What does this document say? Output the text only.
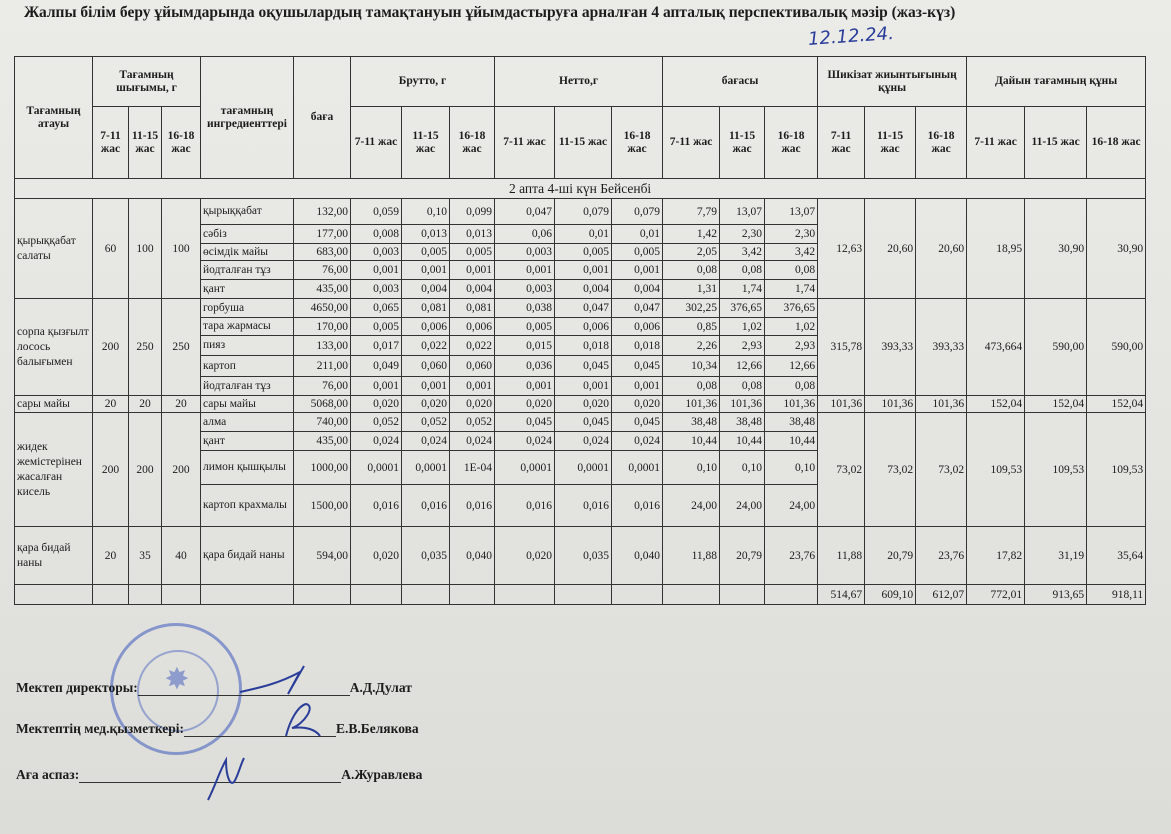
Жалпы білім беру ұйымдарында оқушылардың тамақтануын ұйымдастыруға арналған 4 апталық перспективалық мәзір (жаз-күз)
12.12.24.
Тағамның атауы	Тағамның шығымы, г			тағамның ингредиенттері	баға	Брутто, г			Нетто,г			бағасы			Шикізат жиынтығының құны			Дайын тағамның құны		
	7-11 жас	11-15 жас	16-18 жас			7-11 жас	11-15 жас	16-18 жас	7-11 жас	11-15 жас	16-18 жас	7-11 жас	11-15 жас	16-18 жас	7-11 жас	11-15 жас	16-18 жас	7-11 жас	11-15 жас	16-18 жас
2 апта 4-ші күн Бейсенбі																				
қырыққабат салаты	60	100	100	қырыққабат	132,00	0,059	0,10	0,099	0,047	0,079	0,079	7,79	13,07	13,07	12,63	20,60	20,60	18,95	30,90	30,90
				сәбіз	177,00	0,008	0,013	0,013	0,06	0,01	0,01	1,42	2,30	2,30						
				өсімдік майы	683,00	0,003	0,005	0,005	0,003	0,005	0,005	2,05	3,42	3,42						
				йодталған тұз	76,00	0,001	0,001	0,001	0,001	0,001	0,001	0,08	0,08	0,08						
				қант	435,00	0,003	0,004	0,004	0,003	0,004	0,004	1,31	1,74	1,74						
сорпа қызғылт лосось балығымен	200	250	250	горбуша	4650,00	0,065	0,081	0,081	0,038	0,047	0,047	302,25	376,65	376,65	315,78	393,33	393,33	473,664	590,00	590,00
				тара жармасы	170,00	0,005	0,006	0,006	0,005	0,006	0,006	0,85	1,02	1,02						
				пияз	133,00	0,017	0,022	0,022	0,015	0,018	0,018	2,26	2,93	2,93						
				картоп	211,00	0,049	0,060	0,060	0,036	0,045	0,045	10,34	12,66	12,66						
				йодталған тұз	76,00	0,001	0,001	0,001	0,001	0,001	0,001	0,08	0,08	0,08						
сары майы	20	20	20	сары майы	5068,00	0,020	0,020	0,020	0,020	0,020	0,020	101,36	101,36	101,36	101,36	101,36	101,36	152,04	152,04	152,04
жидек жемістерінен жасалған кисель	200	200	200	алма	740,00	0,052	0,052	0,052	0,045	0,045	0,045	38,48	38,48	38,48	73,02	73,02	73,02	109,53	109,53	109,53
				қант	435,00	0,024	0,024	0,024	0,024	0,024	0,024	10,44	10,44	10,44						
				лимон қышқылы	1000,00	0,0001	0,0001	1E-04	0,0001	0,0001	0,0001	0,10	0,10	0,10						
				картоп крахмалы	1500,00	0,016	0,016	0,016	0,016	0,016	0,016	24,00	24,00	24,00						
қара бидай наны	20	35	40	қара бидай наны	594,00	0,020	0,035	0,040	0,020	0,035	0,040	11,88	20,79	23,76	11,88	20,79	23,76	17,82	31,19	35,64
															514,67	609,10	612,07	772,01	913,65	918,11
✸
Мектеп директоры:	А.Д.Дулат
Мектептің мед.қызметкері:	Е.В.Белякова
Аға аспаз:	А.Журавлева
